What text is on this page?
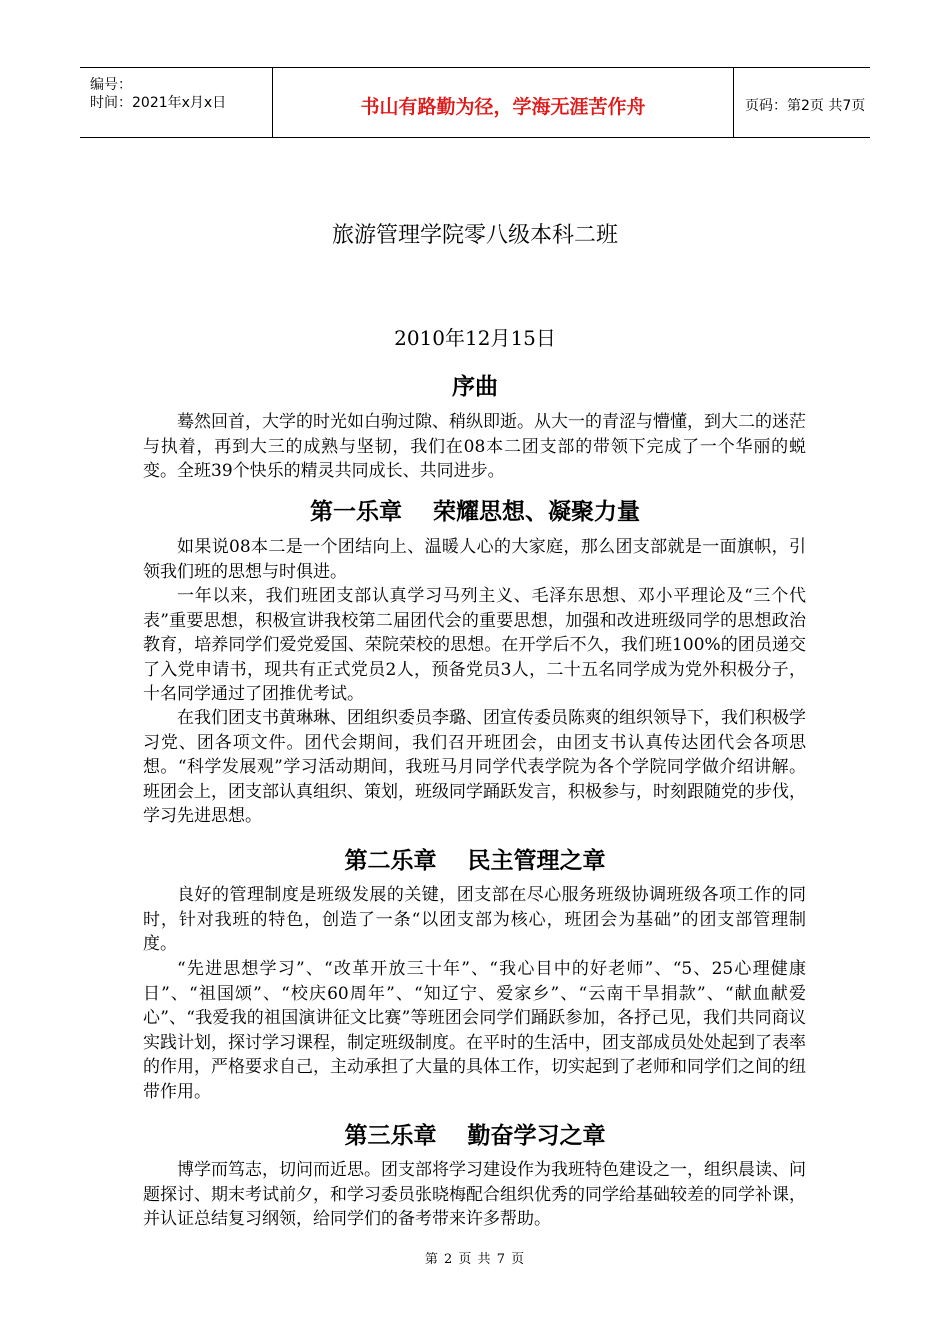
编号：
时间：2021年x月x日	书山有路勤为径，学海无涯苦作舟	页码：第2页 共7页
旅游管理学院零八级本科二班
2010年12月15日
序曲

蓦然回首，大学的时光如白驹过隙、稍纵即逝。从大一的青涩与懵懂，到大二的迷茫与执着，再到大三的成熟与坚韧，我们在08本二团支部的带领下完成了一个华丽的蜕变。全班39个快乐的精灵共同成长、共同进步。

第一乐章　 荣耀思想、凝聚力量

如果说08本二是一个团结向上、温暖人心的大家庭，那么团支部就是一面旗帜，引领我们班的思想与时俱进。

一年以来，我们班团支部认真学习马列主义、毛泽东思想、邓小平理论及“三个代表”重要思想，积极宣讲我校第二届团代会的重要思想，加强和改进班级同学的思想政治教育，培养同学们爱党爱国、荣院荣校的思想。在开学后不久，我们班100%的团员递交了入党申请书，现共有正式党员2人，预备党员3人，二十五名同学成为党外积极分子，十名同学通过了团推优考试。

在我们团支书黄琳琳、团组织委员李璐、团宣传委员陈爽的组织领导下，我们积极学习党、团各项文件。团代会期间，我们召开班团会，由团支书认真传达团代会各项思想。“科学发展观”学习活动期间，我班马月同学代表学院为各个学院同学做介绍讲解。班团会上，团支部认真组织、策划，班级同学踊跃发言，积极参与，时刻跟随党的步伐，学习先进思想。

第二乐章　 民主管理之章

良好的管理制度是班级发展的关键，团支部在尽心服务班级协调班级各项工作的同时，针对我班的特色，创造了一条“以团支部为核心，班团会为基础”的团支部管理制度。

“先进思想学习”、“改革开放三十年”、“我心目中的好老师”、“5、25心理健康日”、“祖国颂”、“校庆60周年”、“知辽宁、爱家乡”、“云南干旱捐款”、“献血献爱心”、“我爱我的祖国演讲征文比赛”等班团会同学们踊跃参加，各抒己见，我们共同商议实践计划，探讨学习课程，制定班级制度。在平时的生活中，团支部成员处处起到了表率的作用，严格要求自己，主动承担了大量的具体工作，切实起到了老师和同学们之间的纽带作用。

第三乐章　 勤奋学习之章

博学而笃志，切问而近思。团支部将学习建设作为我班特色建设之一，组织晨读、问题探讨、期末考试前夕，和学习委员张晓梅配合组织优秀的同学给基础较差的同学补课，并认证总结复习纲领，给同学们的备考带来许多帮助。

第 2 页 共 7 页
